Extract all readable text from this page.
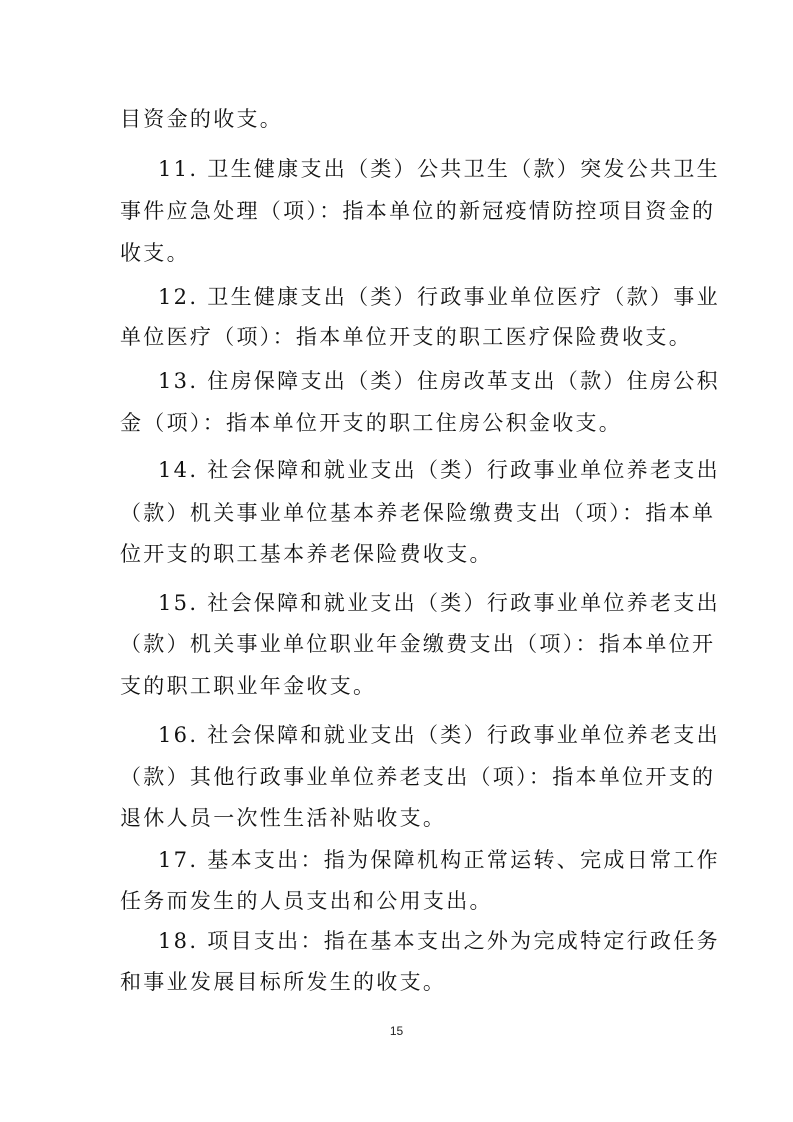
目资金的收支。
11. 卫生健康支出（类）公共卫生（款）突发公共卫生
事件应急处理（项）：指本单位的新冠疫情防控项目资金的
收支。
12. 卫生健康支出（类）行政事业单位医疗（款）事业
单位医疗（项）：指本单位开支的职工医疗保险费收支。
13. 住房保障支出（类）住房改革支出（款）住房公积
金（项）：指本单位开支的职工住房公积金收支。
14. 社会保障和就业支出（类）行政事业单位养老支出
（款）机关事业单位基本养老保险缴费支出（项）：指本单
位开支的职工基本养老保险费收支。
15. 社会保障和就业支出（类）行政事业单位养老支出
（款）机关事业单位职业年金缴费支出（项）：指本单位开
支的职工职业年金收支。
16. 社会保障和就业支出（类）行政事业单位养老支出
（款）其他行政事业单位养老支出（项）：指本单位开支的
退休人员一次性生活补贴收支。
17. 基本支出：指为保障机构正常运转、完成日常工作
任务而发生的人员支出和公用支出。
18. 项目支出：指在基本支出之外为完成特定行政任务
和事业发展目标所发生的收支。
15
